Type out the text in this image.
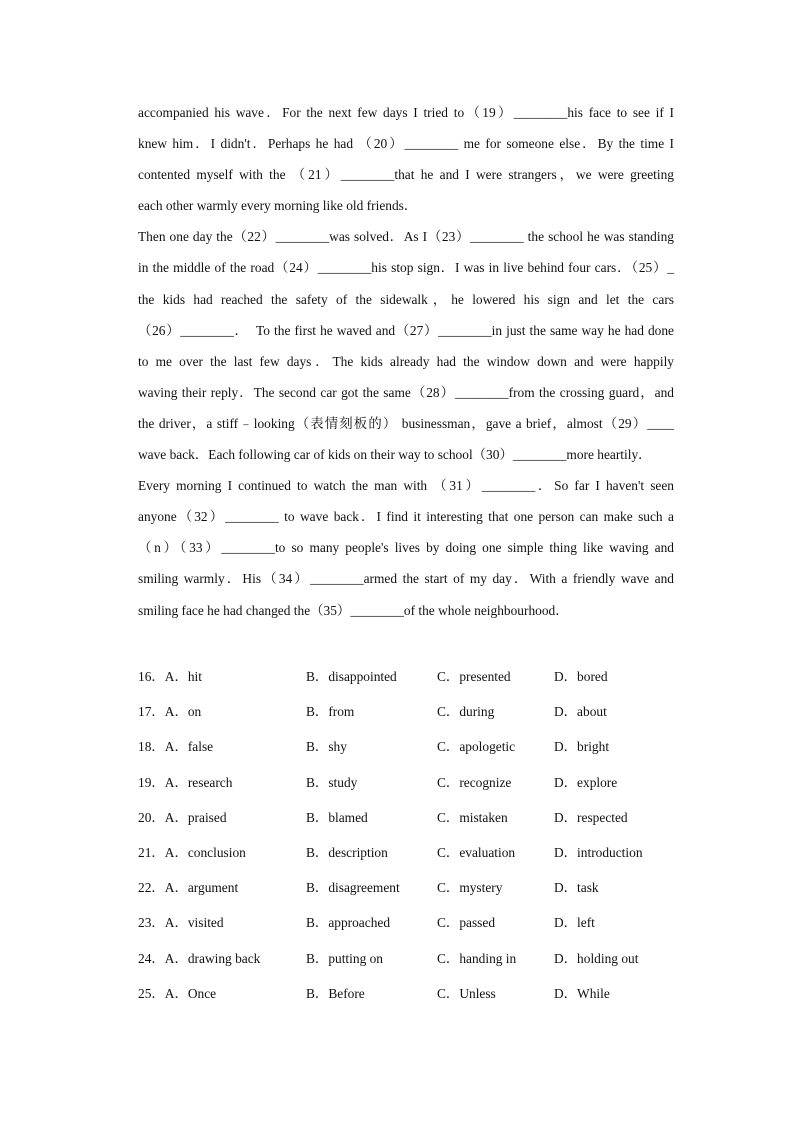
accompanied his wave．For the next few days I tried to（19）________his face to see if I
knew him．I didn't．Perhaps he had （20）________ me for someone else．By the time I
contented myself with the （21）________that he and I were strangers，we were greeting
each other warmly every morning like old friends．
Then one day the（22）________was solved．As I（23）________ the school he was standing
in the middle of the road（24）________his stop sign．I was in live behind four cars．（25）_
the kids had reached the safety of the sidewalk，he lowered his sign and let the cars
（26）________．　To the first he waved and（27）________in just the same way he had done
to me over the last few days．The kids already had the window down and were happily
waving their reply．The second car got the same（28）________from the crossing guard，and
the driver，a stiff﹣looking（表情刻板的） businessman，gave a brief，almost（29）____
wave back．Each following car of kids on their way to school（30）________more heartily．
Every morning I continued to watch the man with （31）________．So far I haven't seen
anyone（32）________ to wave back．I find it interesting that one person can make such a
（n）（33）________to so many people's lives by doing one simple thing like waving and
smiling warmly．His（34）________armed the start of my day．With a friendly wave and
smiling face he had changed the（35）________of the whole neighbourhood．
16．A．hit	B．disappointed	C．presented	D．bored
17．A．on	B．from	C．during	D．about
18．A．false	B．shy	C．apologetic	D．bright
19．A．research	B．study	C．recognize	D．explore
20．A．praised	B．blamed	C．mistaken	D．respected
21．A．conclusion	B．description	C．evaluation	D．introduction
22．A．argument	B．disagreement	C．mystery	D．task
23．A．visited	B．approached	C．passed	D．left
24．A．drawing back	B．putting on	C．handing in	D．holding out
25．A．Once	B．Before	C．Unless	D．While
